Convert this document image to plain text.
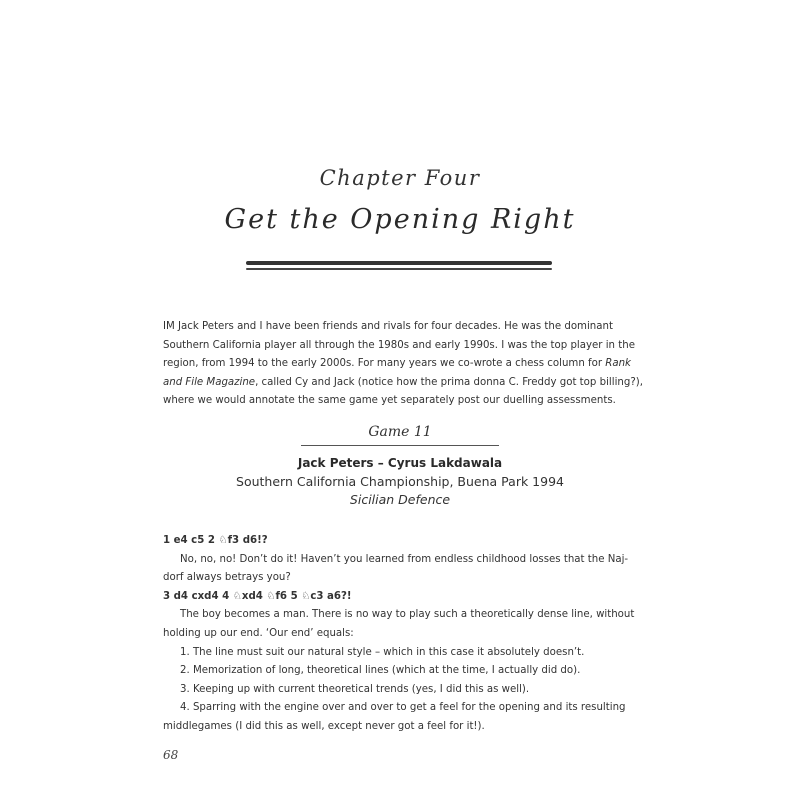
Chapter Four
Get the Opening Right
IM Jack Peters and I have been friends and rivals for four decades. He was the dominant
Southern California player all through the 1980s and early 1990s. I was the top player in the
region, from 1994 to the early 2000s. For many years we co-wrote a chess column for Rank
and File Magazine, called Cy and Jack (notice how the prima donna C. Freddy got top billing?),
where we would annotate the same game yet separately post our duelling assessments.
Game 11
Jack Peters – Cyrus Lakdawala
Southern California Championship, Buena Park 1994
Sicilian Defence
1 e4 c5 2 ♘f3 d6!?
No, no, no! Don’t do it! Haven’t you learned from endless childhood losses that the Naj-
dorf always betrays you?
3 d4 cxd4 4 ♘xd4 ♘f6 5 ♘c3 a6?!
The boy becomes a man. There is no way to play such a theoretically dense line, without
holding up our end. ‘Our end’ equals:
1. The line must suit our natural style – which in this case it absolutely doesn’t.
2. Memorization of long, theoretical lines (which at the time, I actually did do).
3. Keeping up with current theoretical trends (yes, I did this as well).
4. Sparring with the engine over and over to get a feel for the opening and its resulting
middlegames (I did this as well, except never got a feel for it!).
68
